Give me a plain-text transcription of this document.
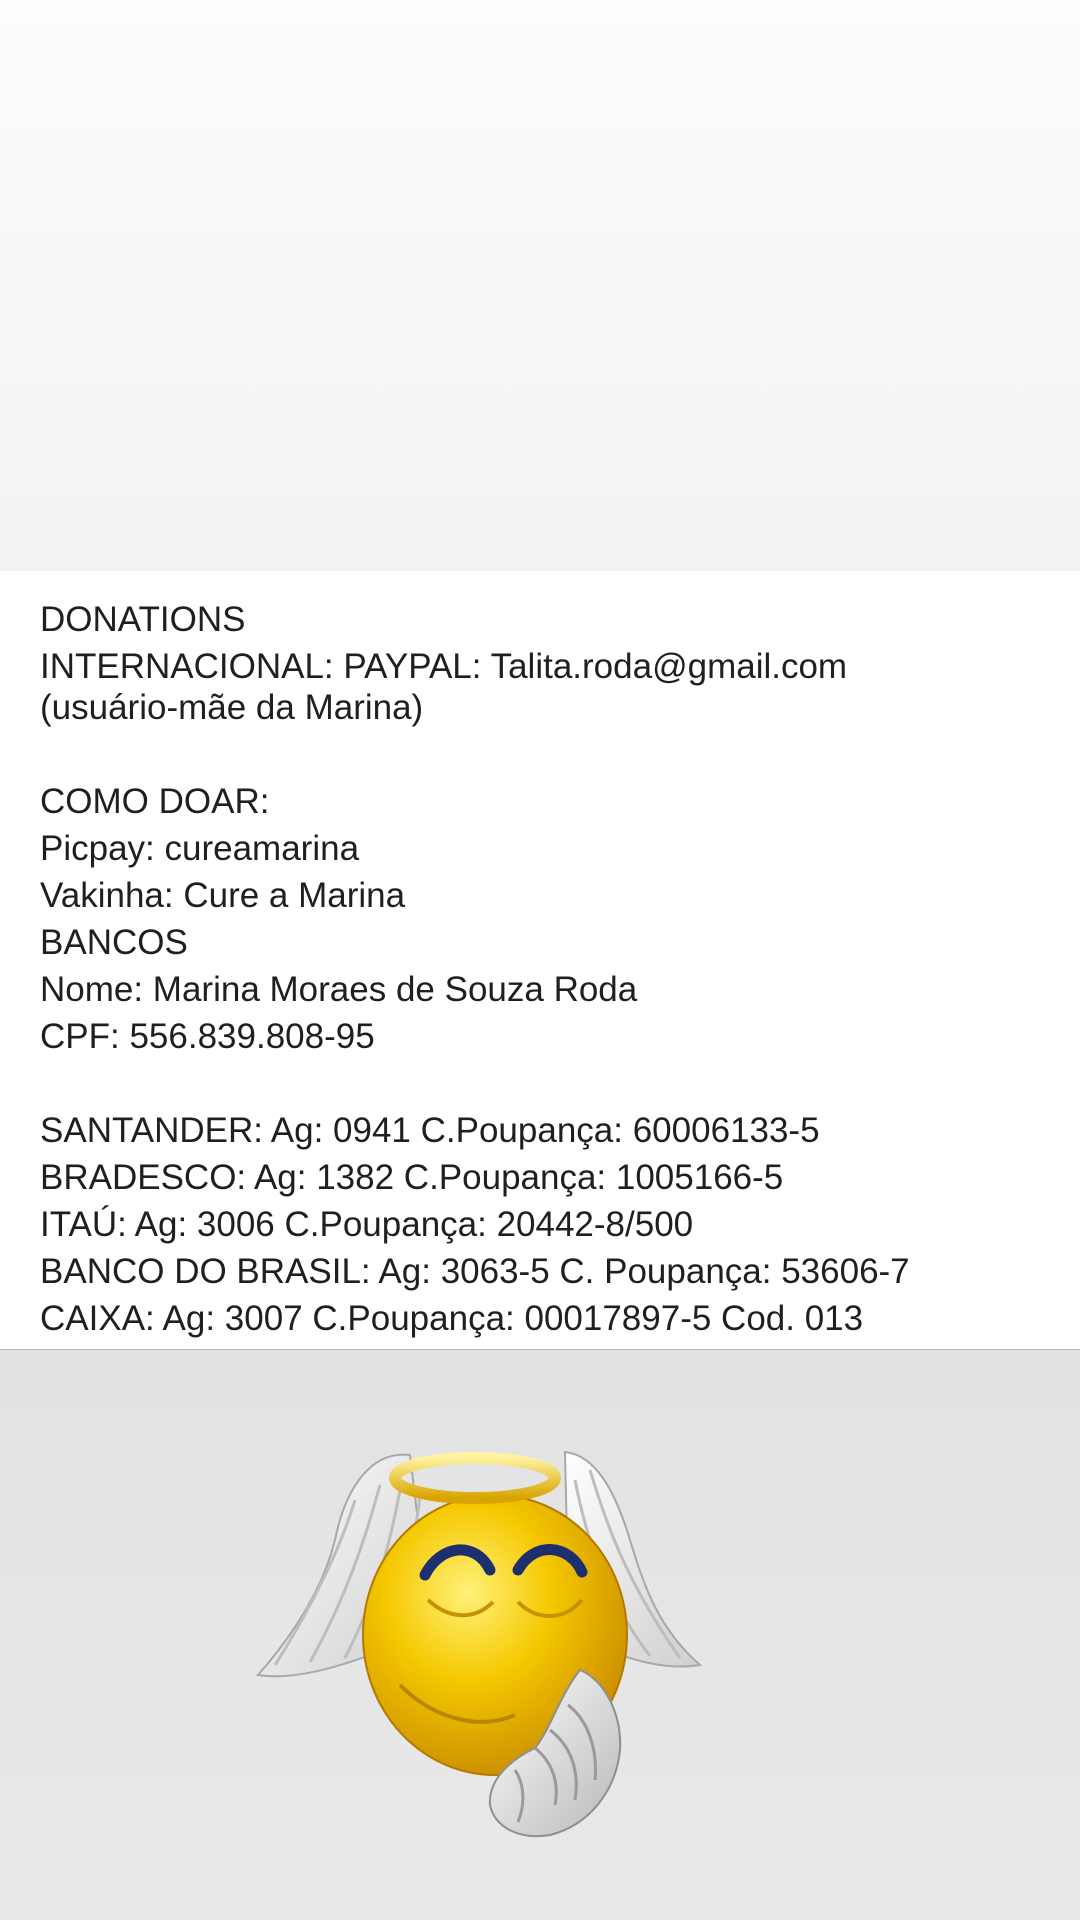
DONATIONS
INTERNACIONAL: PAYPAL: Talita.roda@gmail.com
(usuário-mãe da Marina)
COMO DOAR:
Picpay: cureamarina
Vakinha: Cure a Marina
BANCOS
Nome: Marina Moraes de Souza Roda
CPF: 556.839.808-95
SANTANDER: Ag: 0941 C.Poupança: 60006133-5
BRADESCO: Ag: 1382 C.Poupança: 1005166-5
ITAÚ: Ag: 3006 C.Poupança: 20442-8/500
BANCO DO BRASIL: Ag: 3063-5 C. Poupança: 53606-7
CAIXA: Ag: 3007 C.Poupança: 00017897-5 Cod. 013
